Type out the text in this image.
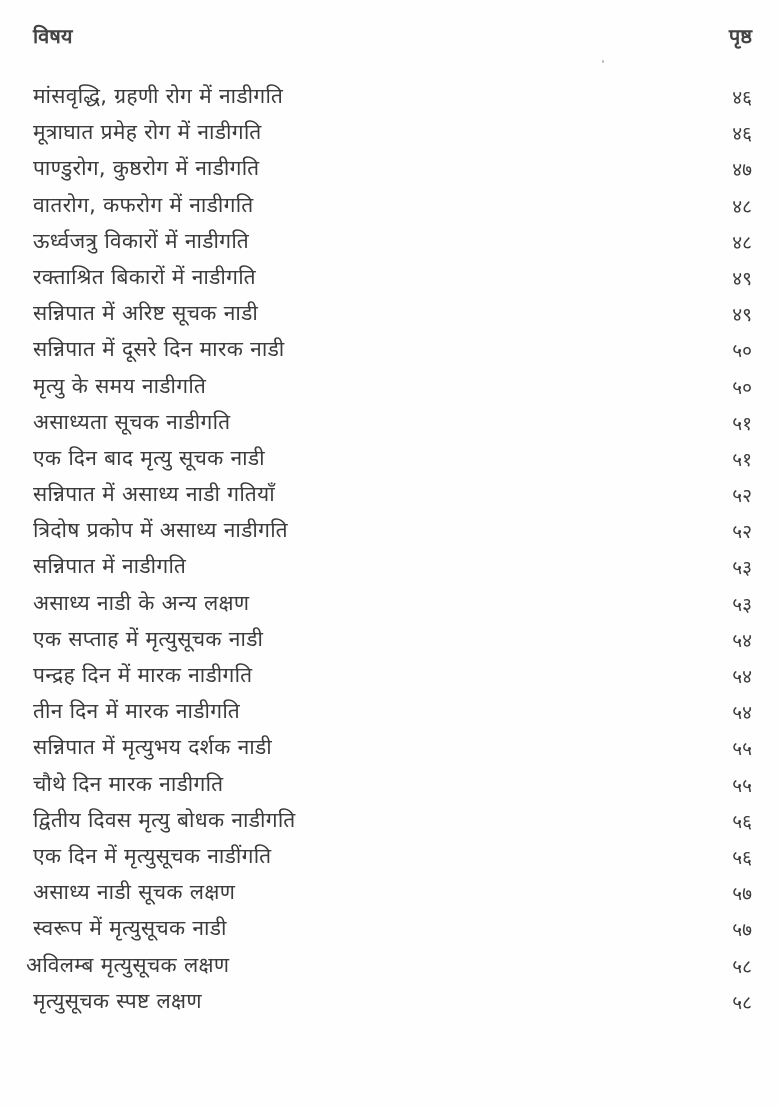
विषय	पृष्ठ
मांसवृद्धि, ग्रहणी रोग में नाडीगति	४६
मूत्राघात प्रमेह रोग में नाडीगति	४६
पाण्डुरोग, कुष्ठरोग में नाडीगति	४७
वातरोग, कफरोग में नाडीगति	४८
ऊर्ध्वजत्रु विकारों में नाडीगति	४८
रक्ताश्रित बिकारों में नाडीगति	४९
सन्निपात में अरिष्ट सूचक नाडी	४९
सन्निपात में दूसरे दिन मारक नाडी	५०
मृत्यु के समय नाडीगति	५०
असाध्यता सूचक नाडीगति	५१
एक दिन बाद मृत्यु सूचक नाडी	५१
सन्निपात में असाध्य नाडी गतियाँ	५२
त्रिदोष प्रकोप में असाध्य नाडीगति	५२
सन्निपात में नाडीगति	५३
असाध्य नाडी के अन्य लक्षण	५३
एक सप्ताह में मृत्युसूचक नाडी	५४
पन्द्रह दिन में मारक नाडीगति	५४
तीन दिन में मारक नाडीगति	५४
सन्निपात में मृत्युभय दर्शक नाडी	५५
चौथे दिन मारक नाडीगति	५५
द्वितीय दिवस मृत्यु बोधक नाडीगति	५६
एक दिन में मृत्युसूचक नाडींगति	५६
असाध्य नाडी सूचक लक्षण	५७
स्वरूप में मृत्युसूचक नाडी	५७
अविलम्ब मृत्युसूचक लक्षण	५८
मृत्युसूचक स्पष्ट लक्षण	५८
